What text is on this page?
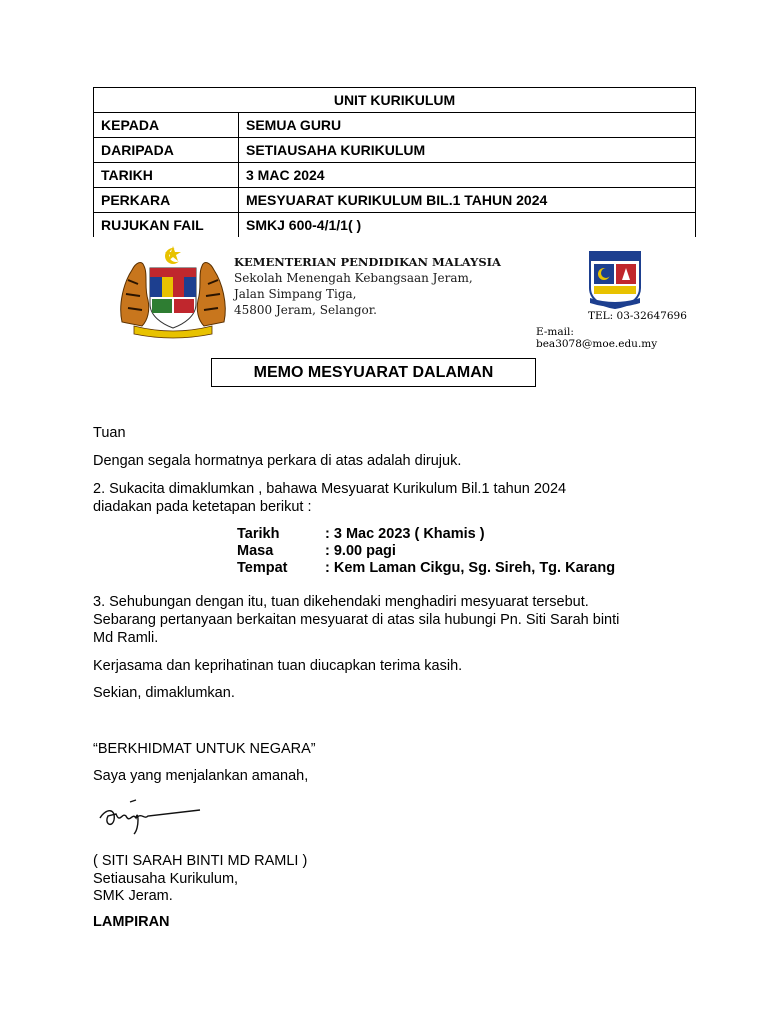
UNIT KURIKULUM	
KEPADA	SEMUA GURU
DARIPADA	SETIAUSAHA KURIKULUM
TARIKH	3 MAC 2024
PERKARA	MESYUARAT KURIKULUM BIL.1 TAHUN 2024
RUJUKAN FAIL	SMKJ 600-4/1/1( )
KEMENTERIAN PENDIDIKAN MALAYSIA
Sekolah Menengah Kebangsaan Jeram,
Jalan Simpang Tiga,
45800 Jeram, Selangor.	TEL: 03-32647696
E-mail: bea3078@moe.edu.my
MEMO MESYUARAT DALAMAN
Tuan
Dengan segala hormatnya perkara di atas adalah dirujuk.
2. Sukacita dimaklumkan , bahawa Mesyuarat Kurikulum Bil.1 tahun 2024
diadakan pada ketetapan berikut :
Tarikh	: 3 Mac 2023 ( Khamis )
Masa	: 9.00 pagi
Tempat	: Kem Laman Cikgu, Sg. Sireh, Tg. Karang
3. Sehubungan dengan itu, tuan dikehendaki menghadiri mesyuarat tersebut.
Sebarang pertanyaan berkaitan mesyuarat di atas sila hubungi Pn. Siti Sarah binti
Md Ramli.
Kerjasama dan keprihatinan tuan diucapkan terima kasih.
Sekian, dimaklumkan.
“BERKHIDMAT UNTUK NEGARA”
Saya yang menjalankan amanah,
( SITI SARAH BINTI MD RAMLI )
Setiausaha Kurikulum,
SMK Jeram.
LAMPIRAN
